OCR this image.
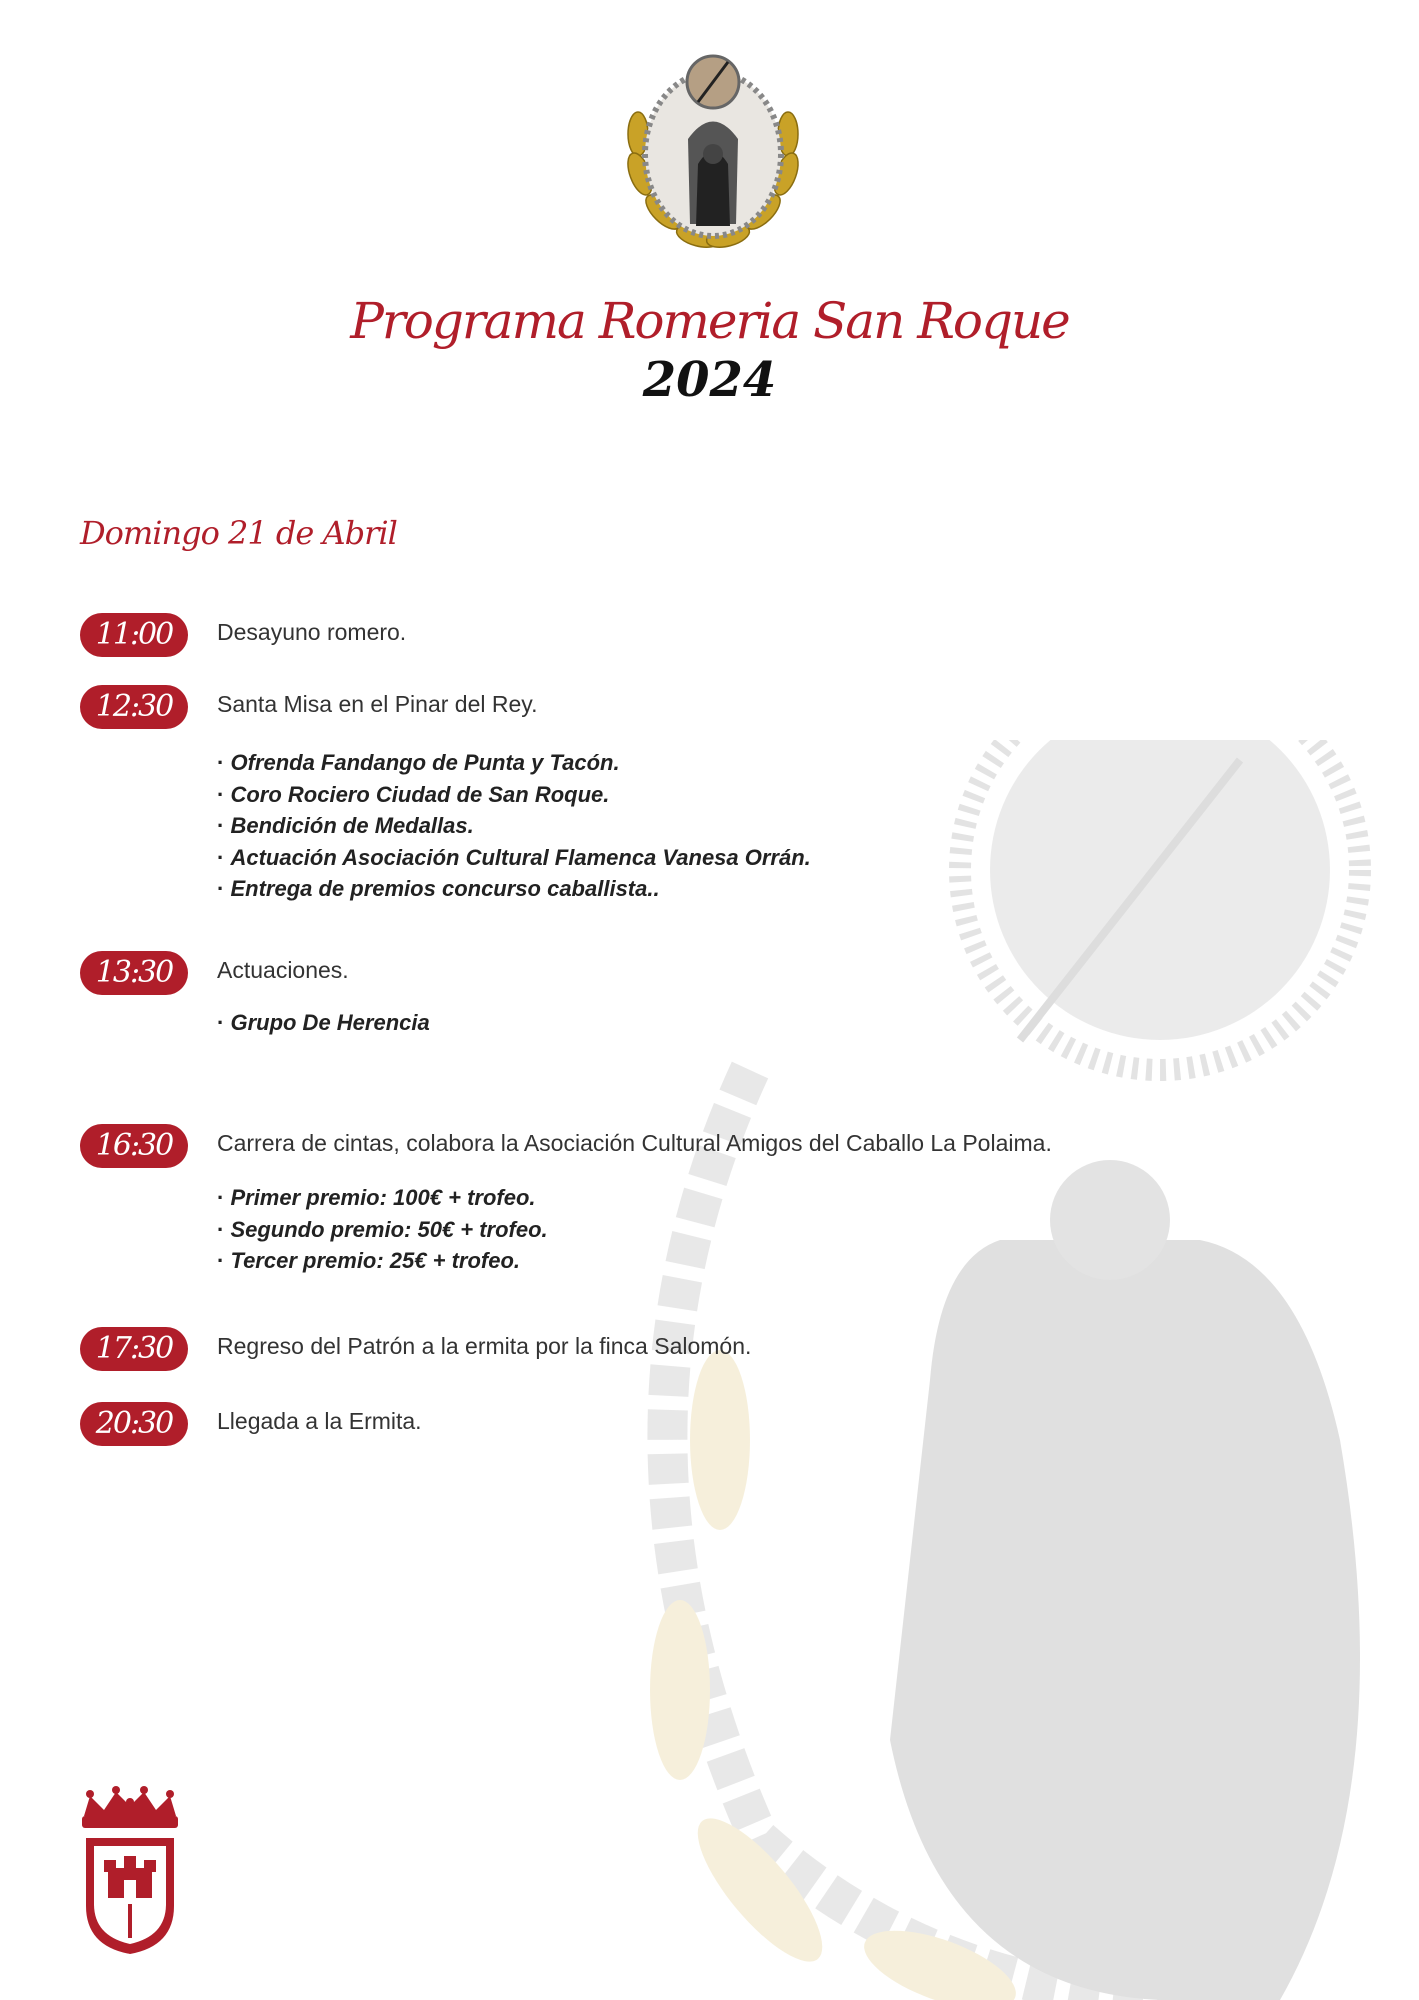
Programa Romeria San Roque
2024
Domingo 21 de Abril
11:00	Desayuno romero.
12:30	Santa Misa en el Pinar del Rey.
· Ofrenda Fandango de Punta y Tacón.
· Coro Rociero Ciudad de San Roque.
· Bendición de Medallas.
· Actuación Asociación Cultural Flamenca Vanesa Orrán.
· Entrega de premios concurso caballista..
13:30	Actuaciones.
· Grupo De Herencia
16:30	Carrera de cintas, colabora la Asociación Cultural Amigos del Caballo La Polaima.
· Primer premio: 100€ + trofeo.
· Segundo premio: 50€ + trofeo.
· Tercer premio: 25€ + trofeo.
17:30	Regreso del Patrón a la ermita por la finca Salomón.
20:30	Llegada a la Ermita.
